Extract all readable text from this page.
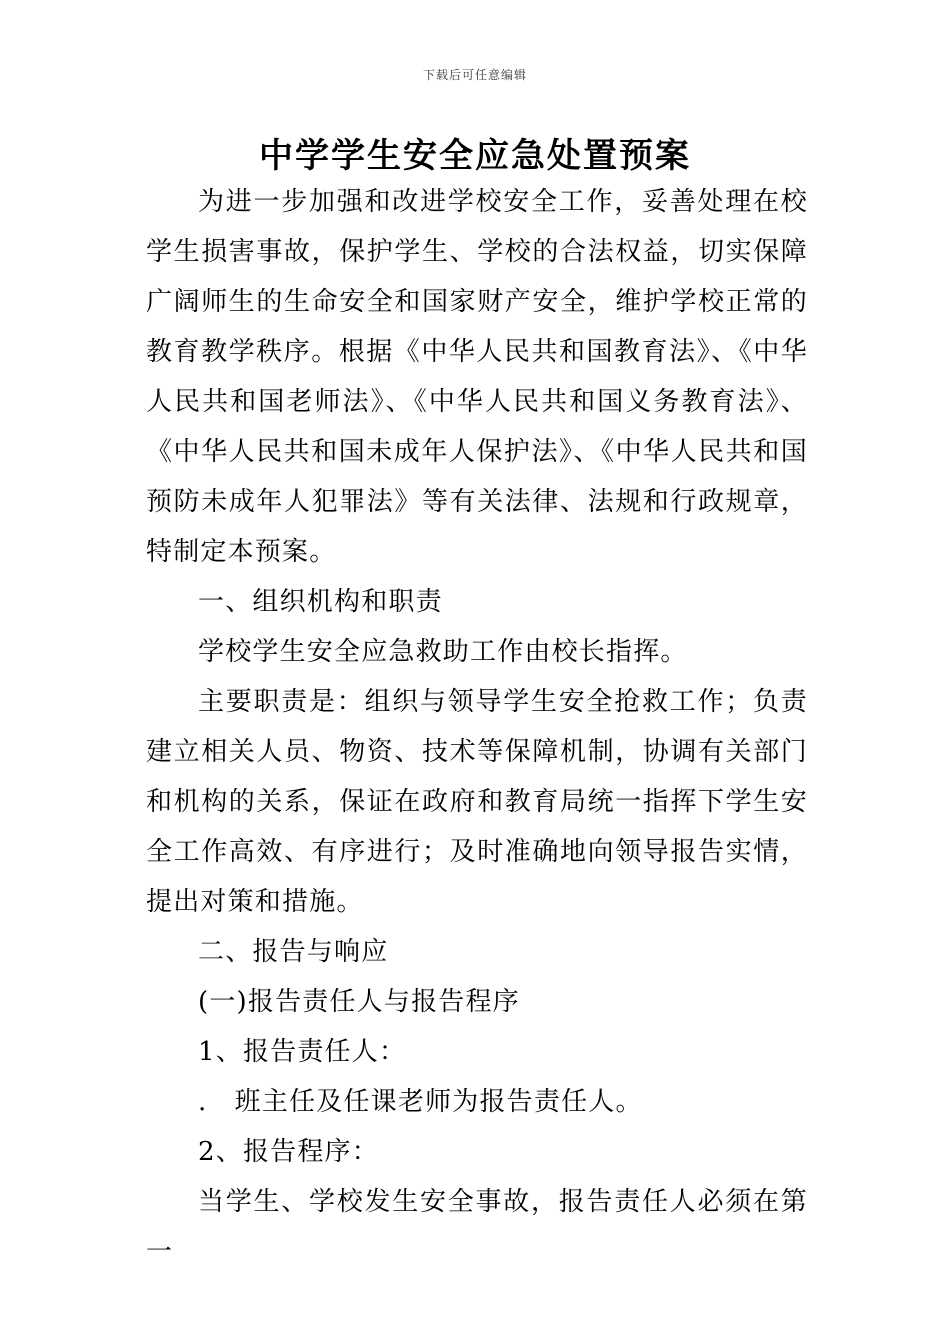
下载后可任意编辑
中学学生安全应急处置预案

为进一步加强和改进学校安全工作，妥善处理在校学生损害事故，保护学生、学校的合法权益，切实保障广阔师生的生命安全和国家财产安全，维护学校正常的教育教学秩序。根据《中华人民共和国教育法》、《中华人民共和国老师法》、《中华人民共和国义务教育法》、《中华人民共和国未成年人保护法》、《中华人民共和国预防未成年人犯罪法》等有关法律、法规和行政规章，特制定本预案。

一、组织机构和职责

学校学生安全应急救助工作由校长指挥。

主要职责是：组织与领导学生安全抢救工作；负责建立相关人员、物资、技术等保障机制，协调有关部门和机构的关系，保证在政府和教育局统一指挥下学生安全工作高效、有序进行；及时准确地向领导报告实情，提出对策和措施。

二、报告与响应

(一)报告责任人与报告程序

1、报告责任人：

.　班主任及任课老师为报告责任人。

2、报告程序：

当学生、学校发生安全事故，报告责任人必须在第一
